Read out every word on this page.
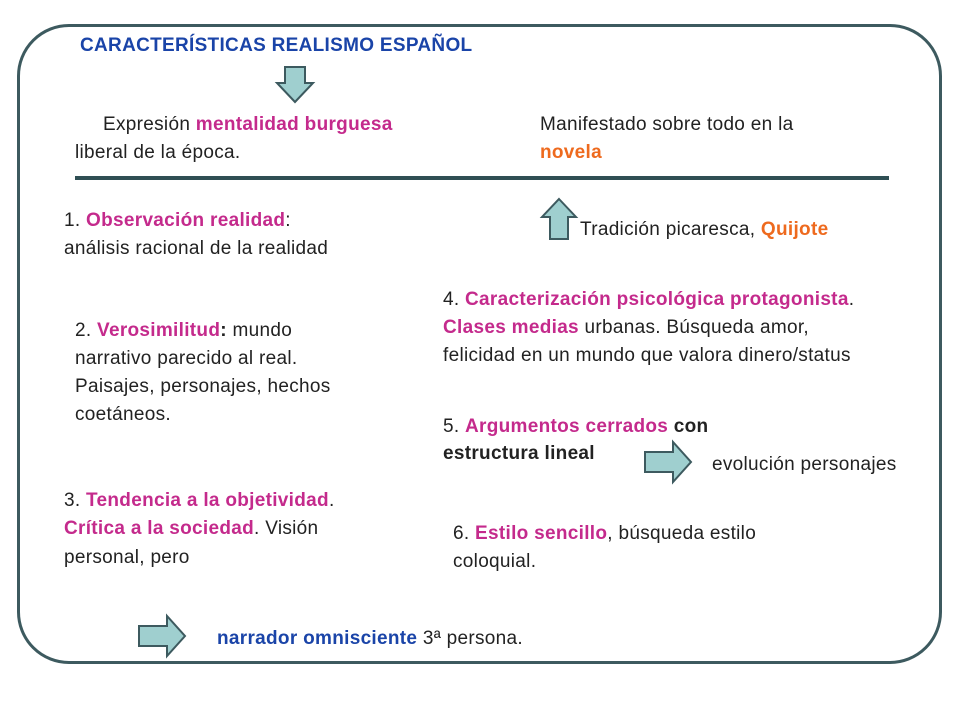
CARACTERÍSTICAS REALISMO ESPAÑOL
Expresión mentalidad burguesa
liberal de la época.
Manifestado sobre todo en la
novela
1. Observación realidad:
análisis racional de la realidad
Tradición picaresca, Quijote
2. Verosimilitud: mundo
narrativo parecido al real.
Paisajes, personajes, hechos
coetáneos.
4. Caracterización psicológica protagonista.
Clases medias urbanas. Búsqueda amor,
felicidad en un mundo que valora dinero/status
5. Argumentos cerrados con
estructura lineal
evolución personajes
3. Tendencia a la objetividad.
Crítica a la sociedad. Visión
personal, pero
6. Estilo sencillo, búsqueda estilo
coloquial.
narrador omnisciente 3ª persona.
